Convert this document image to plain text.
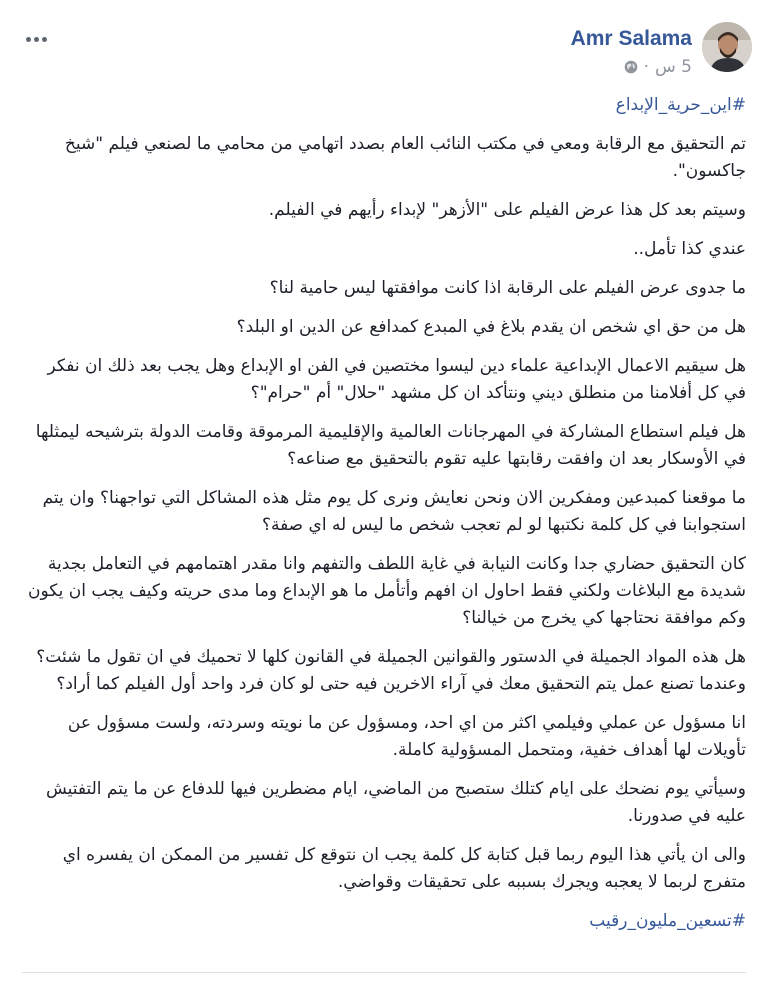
Amr Salama
· 5 س

#اين_حرية_الإبداع

تم التحقيق مع الرقابة ومعي في مكتب النائب العام بصدد اتهامي من محامي ما لصنعي فيلم "شيخ جاكسون".

وسيتم بعد كل هذا عرض الفيلم على "الأزهر" لإبداء رأيهم في الفيلم.

عندي كذا تأمل..

ما جدوى عرض الفيلم على الرقابة اذا كانت موافقتها ليس حامية لنا؟

هل من حق اي شخص ان يقدم بلاغ في المبدع كمدافع عن الدين او البلد؟

هل سيقيم الاعمال الإبداعية علماء دين ليسوا مختصين في الفن او الإبداع وهل يجب بعد ذلك ان نفكر في كل أفلامنا من منطلق ديني ونتأكد ان كل مشهد "حلال" أم "حرام"؟

هل فيلم استطاع المشاركة في المهرجانات العالمية والإقليمية المرموقة وقامت الدولة بترشيحه ليمثلها في الأوسكار بعد ان وافقت رقابتها عليه تقوم بالتحقيق مع صناعه؟

ما موقعنا كمبدعين ومفكرين الان ونحن نعايش ونرى كل يوم مثل هذه المشاكل التي تواجهنا؟ وان يتم استجوابنا في كل كلمة نكتبها لو لم تعجب شخص ما ليس له اي صفة؟

كان التحقيق حضاري جدا وكانت النيابة في غاية اللطف والتفهم وانا مقدر اهتمامهم في التعامل بجدية شديدة مع البلاغات ولكني فقط احاول ان افهم وأتأمل ما هو الإبداع وما مدى حريته وكيف يجب ان يكون وكم موافقة نحتاجها كي يخرج من خيالنا؟

هل هذه المواد الجميلة في الدستور والقوانين الجميلة في القانون كلها لا تحميك في ان تقول ما شئت؟ وعندما تصنع عمل يتم التحقيق معك في آراء الاخرين فيه حتى لو كان فرد واحد أول الفيلم كما أراد؟

انا مسؤول عن عملي وفيلمي اكثر من اي احد، ومسؤول عن ما نويته وسردته، ولست مسؤول عن تأويلات لها أهداف خفية، ومتحمل المسؤولية كاملة.

وسيأتي يوم نضحك على ايام كتلك ستصبح من الماضي، ايام مضطرين فيها للدفاع عن ما يتم التفتيش عليه في صدورنا.

والى ان يأتي هذا اليوم ربما قبل كتابة كل كلمة يجب ان نتوقع كل تفسير من الممكن ان يفسره اي متفرج لربما لا يعجبه ويجرك بسببه على تحقيقات وقواضي.

#تسعين_مليون_رقيب
